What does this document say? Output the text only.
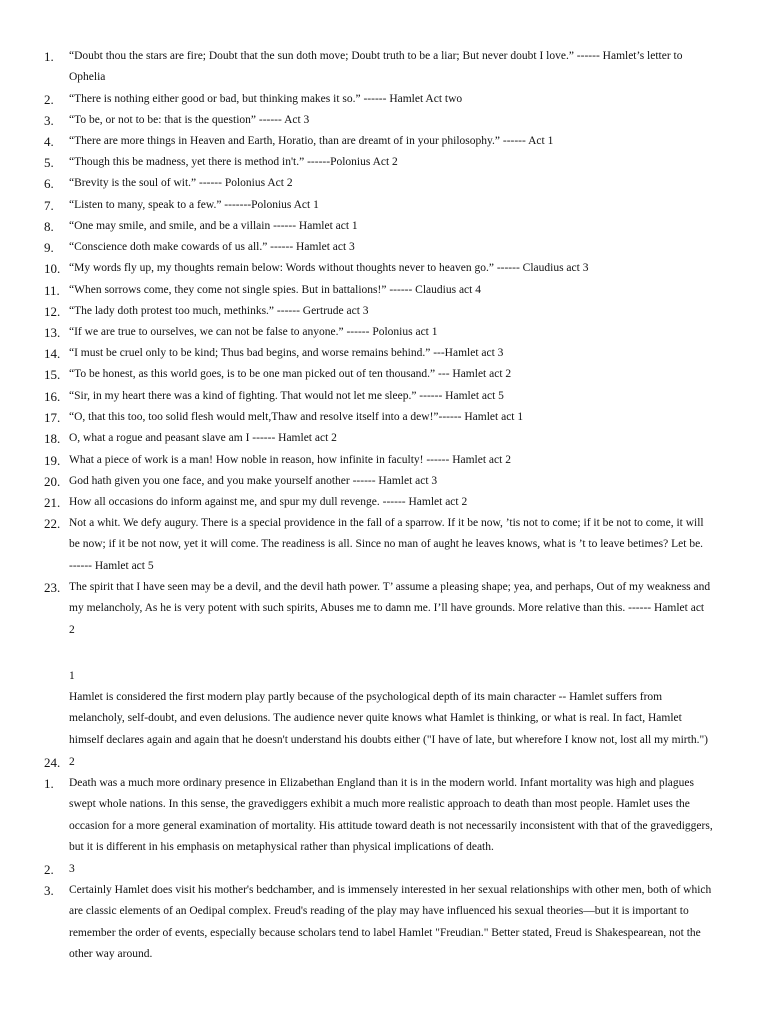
1.	“Doubt thou the stars are fire; Doubt that the sun doth move; Doubt truth to be a liar; But never doubt I love.” ------ Hamlet’s letter to
Ophelia
2.	“There is nothing either good or bad, but thinking makes it so.” ------ Hamlet Act two
3.	“To be, or not to be: that is the question” ------ Act 3
4.	“There are more things in Heaven and Earth, Horatio, than are dreamt of in your philosophy.” ------ Act 1
5.	“Though this be madness, yet there is method in't.” ------Polonius Act 2
6.	“Brevity is the soul of wit.” ------ Polonius Act 2
7.	“Listen to many, speak to a few.” -------Polonius Act 1
8.	“One may smile, and smile, and be a villain ------ Hamlet act 1
9.	“Conscience doth make cowards of us all.” ------ Hamlet act 3
10. “My words fly up, my thoughts remain below: Words without thoughts never to heaven go.” ------ Claudius act 3
11. “When sorrows come, they come not single spies. But in battalions!” ------ Claudius act 4
12. “The lady doth protest too much, methinks.” ------ Gertrude act 3
13. “If we are true to ourselves, we can not be false to anyone.” ------ Polonius act 1
14. “I must be cruel only to be kind; Thus bad begins, and worse remains behind.” ---Hamlet act 3
15. “To be honest, as this world goes, is to be one man picked out of ten thousand.” --- Hamlet act 2
16. “Sir, in my heart there was a kind of fighting. That would not let me sleep.” ------ Hamlet act 5
17. “O, that this too, too solid flesh would melt,Thaw and resolve itself into a dew!”------ Hamlet act 1
18. O, what a rogue and peasant slave am I ------ Hamlet act 2
19. What a piece of work is a man! How noble in reason, how infinite in faculty! ------ Hamlet act 2
20. God hath given you one face, and you make yourself another ------ Hamlet act 3
21. How all occasions do inform against me, and spur my dull revenge. ------ Hamlet act 2
22. Not a whit. We defy augury. There is a special providence in the fall of a sparrow. If it be now, ’tis not to come; if it be not to come, it will
be now; if it be not now, yet it will come. The readiness is all. Since no man of aught he leaves knows, what is ’t to leave betimes? Let be.
------ Hamlet act 5
23. The spirit that I have seen may be a devil, and the devil hath power. T’ assume a pleasing shape; yea, and perhaps, Out of my weakness and
my melancholy, As he is very potent with such spirits, Abuses me to damn me. I’ll have grounds. More relative than this. ------ Hamlet act
2
1
Hamlet is considered the first modern play partly because of the psychological depth of its main character -- Hamlet suffers from
melancholy, self-doubt, and even delusions. The audience never quite knows what Hamlet is thinking, or what is real. In fact, Hamlet
himself declares again and again that he doesn't understand his doubts either ("I have of late, but wherefore I know not, lost all my mirth.")
24. 2
1.	Death was a much more ordinary presence in Elizabethan England than it is in the modern world. Infant mortality was high and plagues
swept whole nations. In this sense, the gravediggers exhibit a much more realistic approach to death than most people. Hamlet uses the
occasion for a more general examination of mortality. His attitude toward death is not necessarily inconsistent with that of the gravediggers,
but it is different in his emphasis on metaphysical rather than physical implications of death.
2.	3
3.	Certainly Hamlet does visit his mother's bedchamber, and is immensely interested in her sexual relationships with other men, both of which
are classic elements of an Oedipal complex. Freud's reading of the play may have influenced his sexual theories—but it is important to
remember the order of events, especially because scholars tend to label Hamlet "Freudian." Better stated, Freud is Shakespearean, not the
other way around.
